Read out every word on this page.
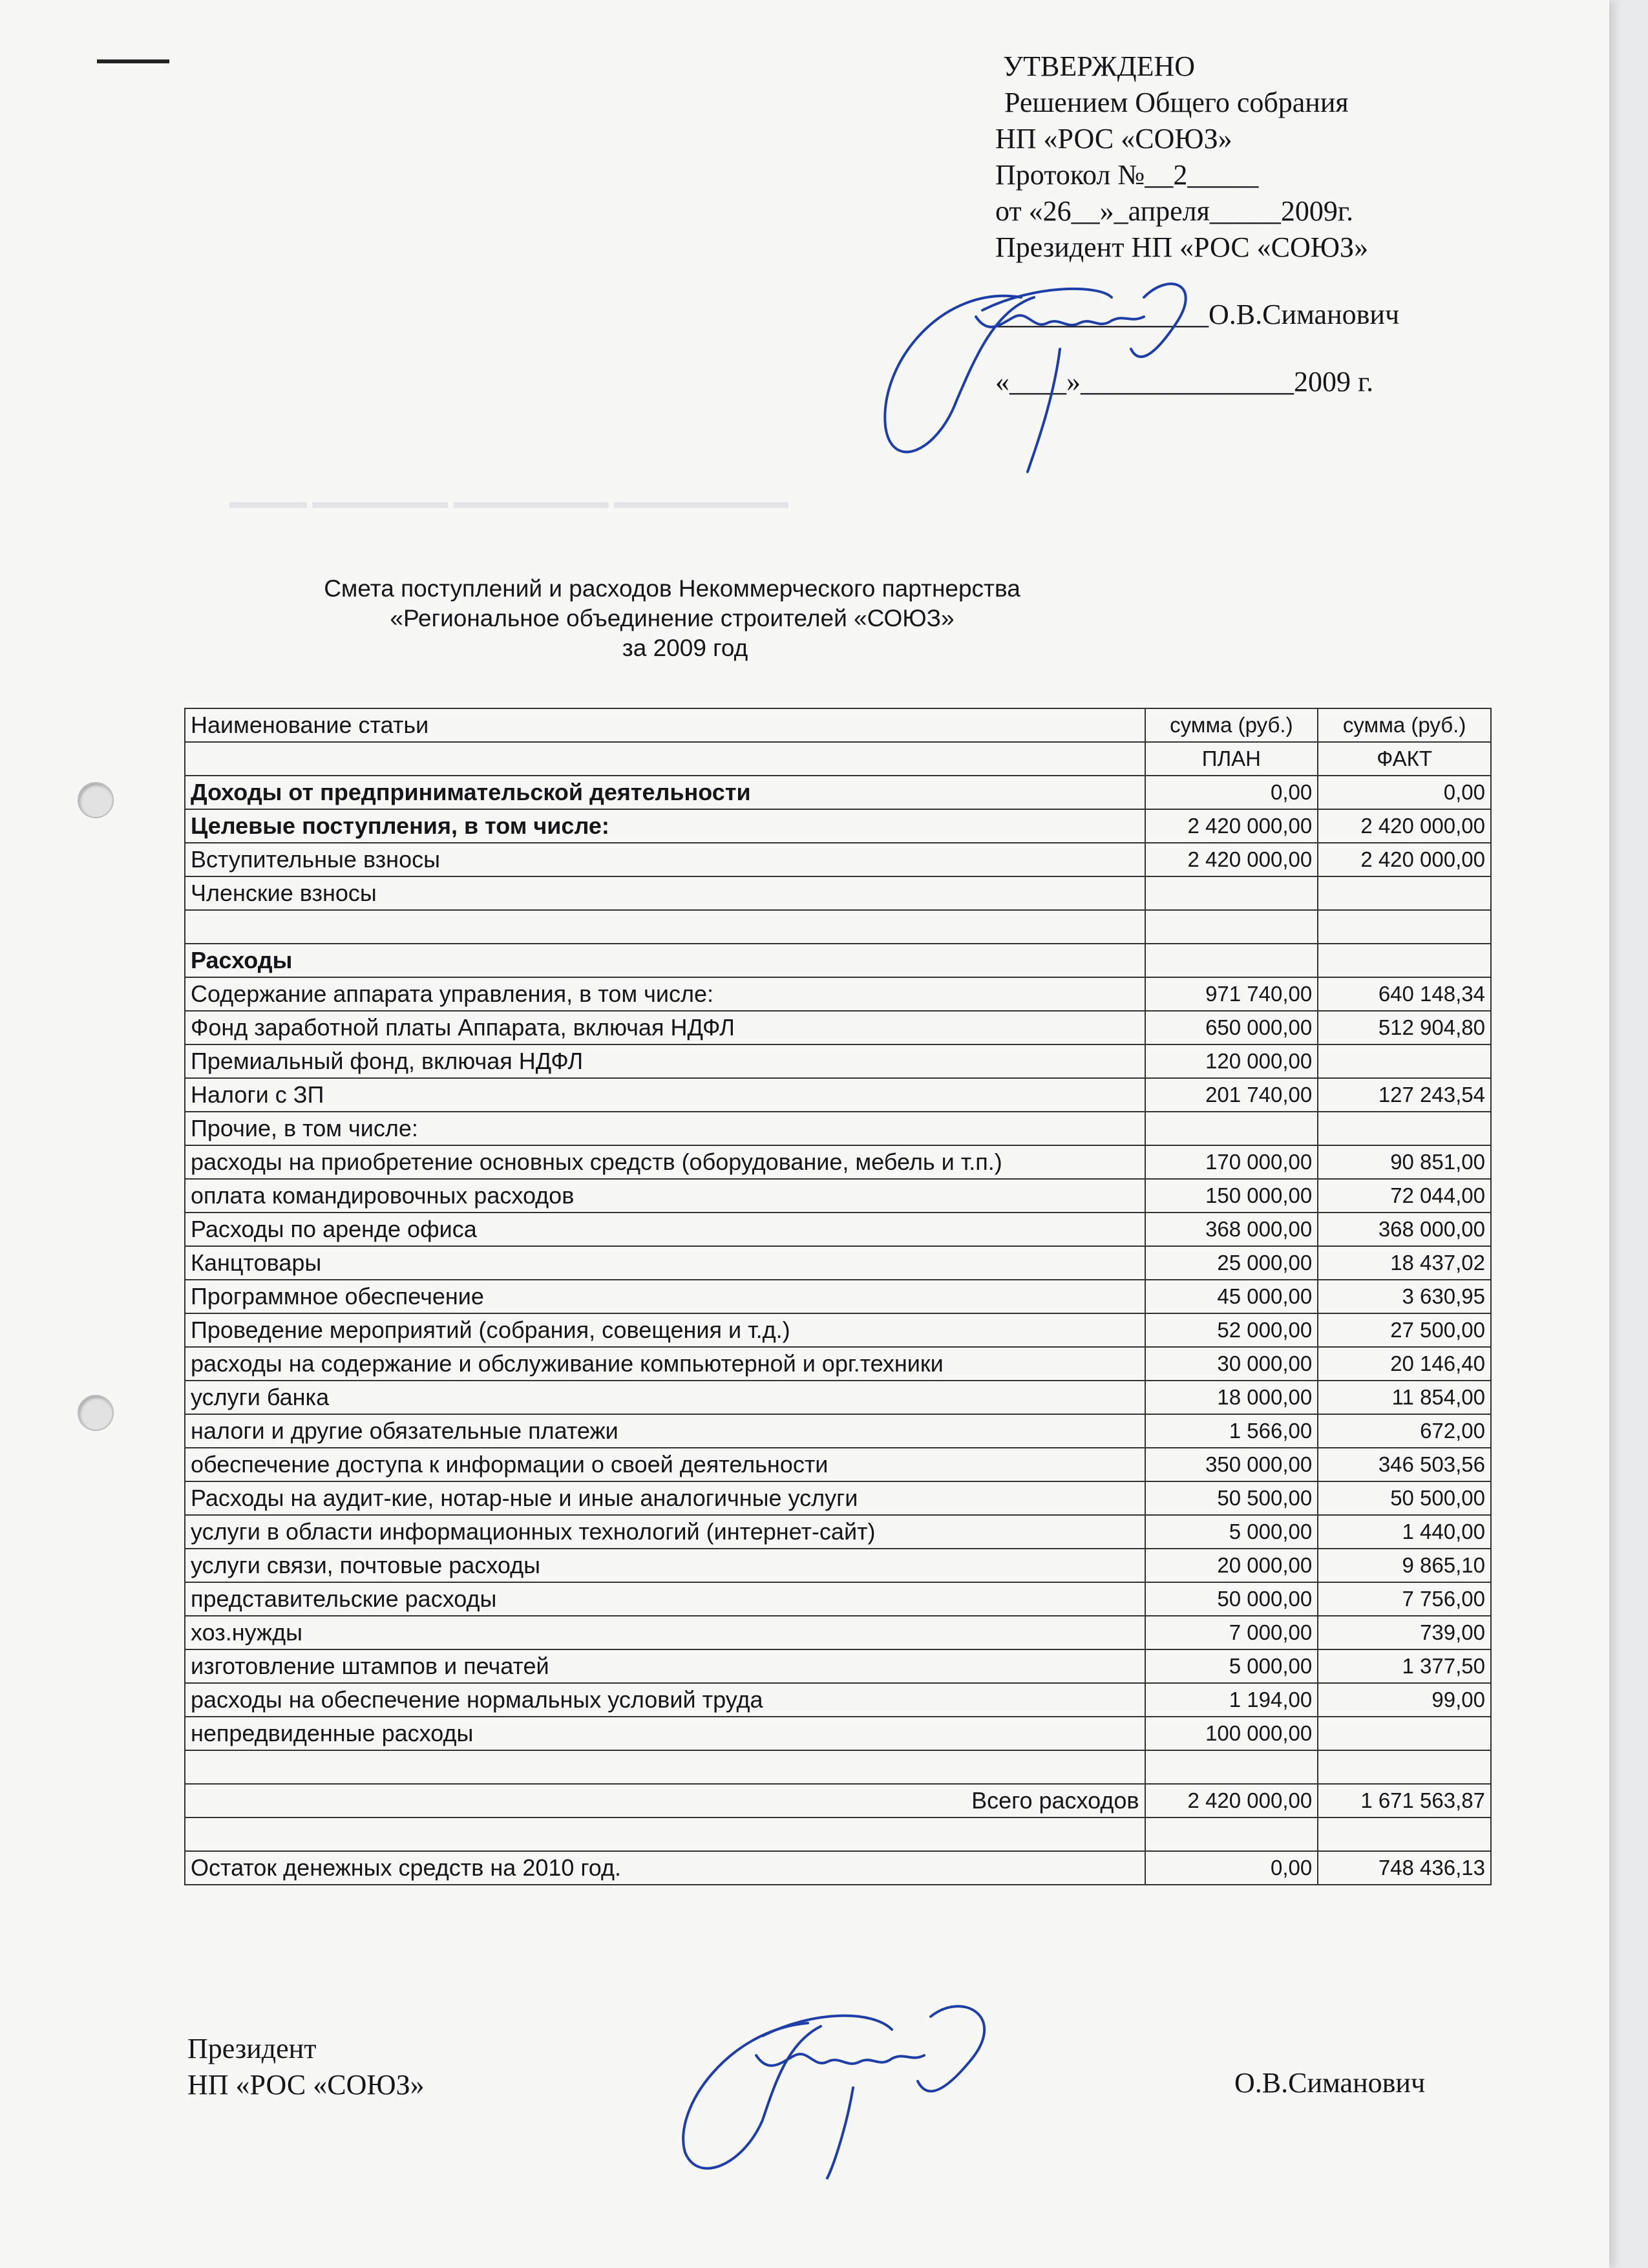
▬▬▬▬ ▬▬▬▬▬▬▬ ▬▬▬▬▬▬▬▬ ▬▬▬▬▬▬▬▬▬
УТВЕРЖДЕНО
Решением Общего собрания
НП «РОС «СОЮЗ»
Протокол №__2_____
от «26__»_апреля_____2009г.
Президент НП «РОС «СОЮЗ»
_______________О.В.Симанович
«____»_______________2009 г.
Смета поступлений и расходов Некоммерческого партнерства
«Региональное объединение строителей «СОЮЗ»
за 2009 год
Наименование статьи	сумма (руб.)	сумма (руб.)
	ПЛАН	ФАКТ
Доходы от предпринимательской деятельности	0,00	0,00
Целевые поступления, в том числе:	2 420 000,00	2 420 000,00
Вступительные взносы	2 420 000,00	2 420 000,00
Членские взносы		

Расходы		
Содержание аппарата управления, в том числе:	971 740,00	640 148,34
Фонд заработной платы Аппарата, включая НДФЛ	650 000,00	512 904,80
Премиальный фонд, включая НДФЛ	120 000,00	
Налоги с ЗП	201 740,00	127 243,54
Прочие, в том числе:		
расходы на приобретение основных средств (оборудование, мебель и т.п.)	170 000,00	90 851,00
оплата командировочных расходов	150 000,00	72 044,00
Расходы по аренде офиса	368 000,00	368 000,00
Канцтовары	25 000,00	18 437,02
Программное обеспечение	45 000,00	3 630,95
Проведение мероприятий (собрания, совещения и т.д.)	52 000,00	27 500,00
расходы на содержание и обслуживание компьютерной и орг.техники	30 000,00	20 146,40
услуги банка	18 000,00	11 854,00
налоги и другие обязательные платежи	1 566,00	672,00
обеспечение доступа к информации о своей деятельности	350 000,00	346 503,56
Расходы на аудит-кие, нотар-ные и иные аналогичные услуги	50 500,00	50 500,00
услуги в области информационных технологий (интернет-сайт)	5 000,00	1 440,00
услуги связи, почтовые расходы	20 000,00	9 865,10
представительские расходы	50 000,00	7 756,00
хоз.нужды	7 000,00	739,00
изготовление штампов и печатей	5 000,00	1 377,50
расходы на обеспечение нормальных условий труда	1 194,00	99,00
непредвиденные расходы	100 000,00	

Всего расходов	2 420 000,00	1 671 563,87

Остаток денежных средств на 2010 год.	0,00	748 436,13
Президент
НП «РОС «СОЮЗ»	О.В.Симанович
